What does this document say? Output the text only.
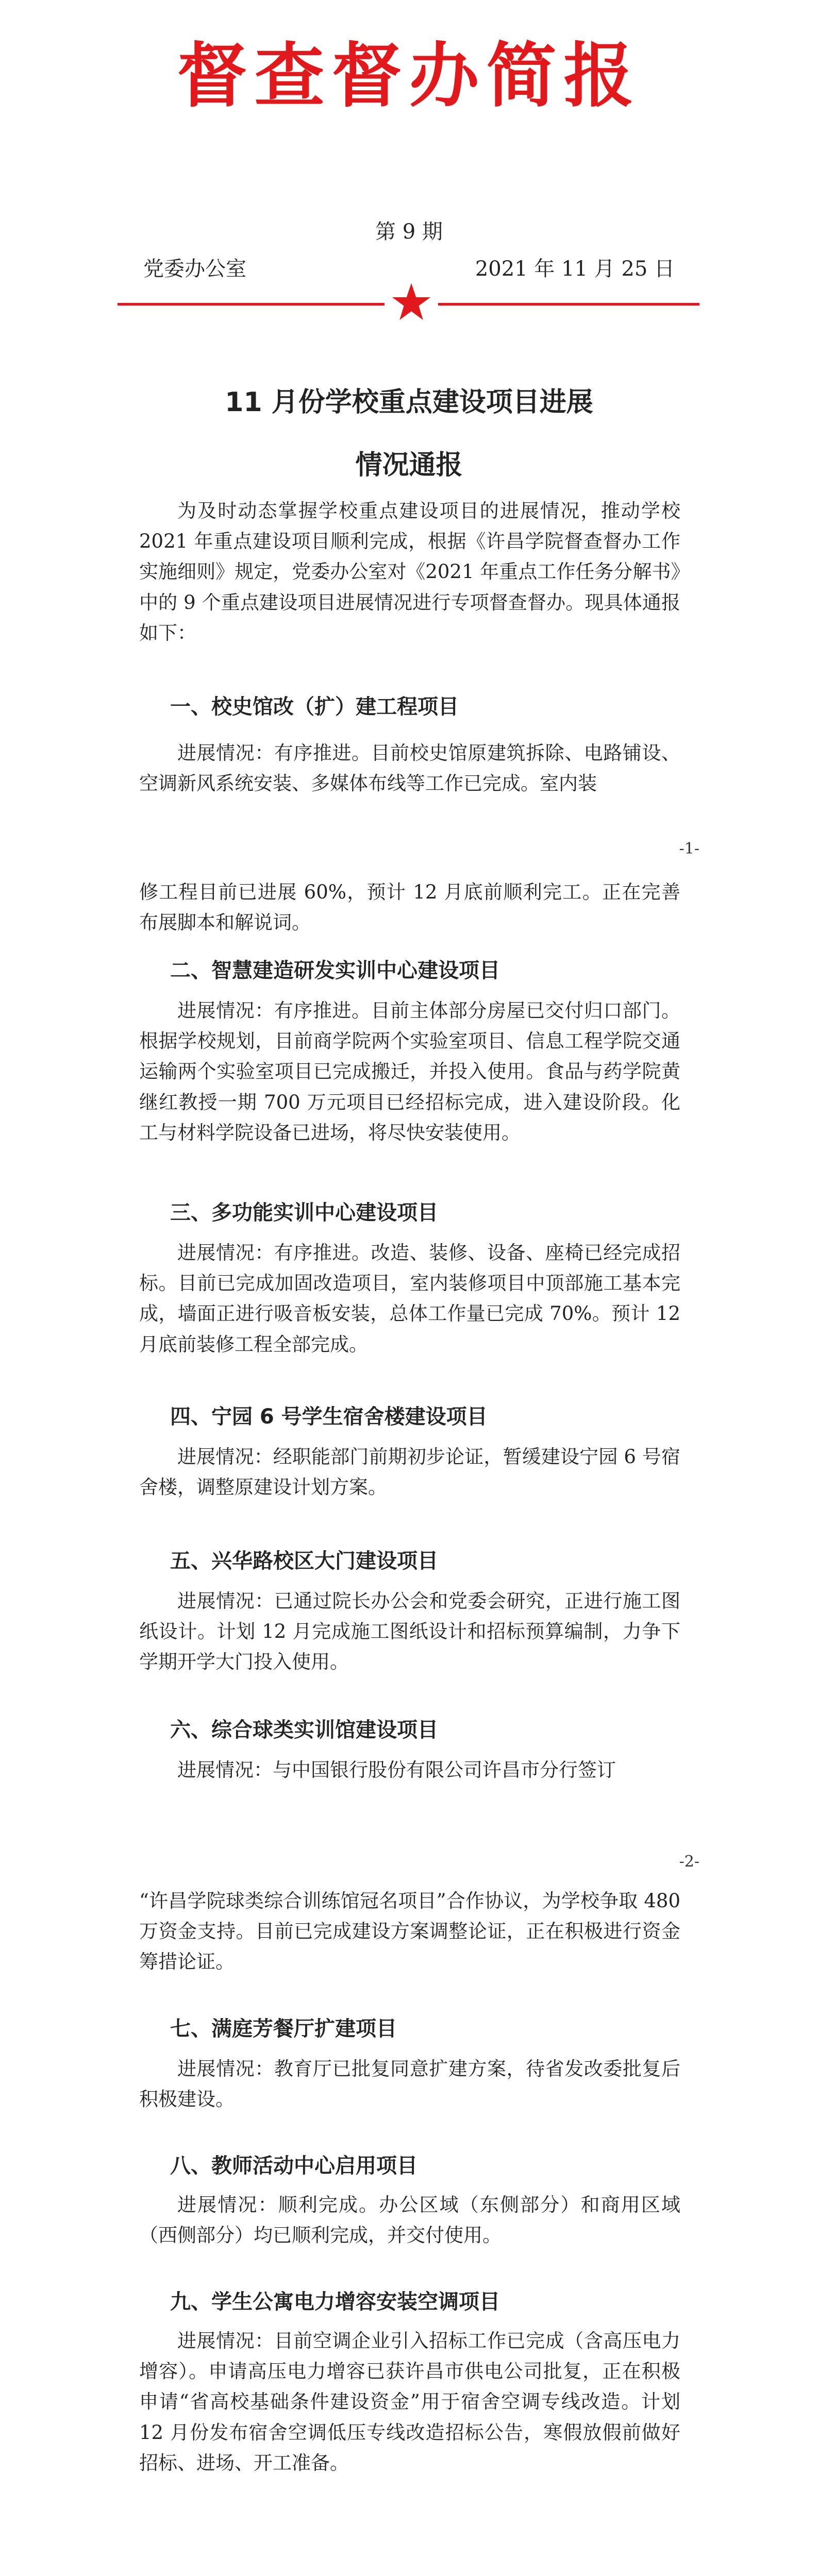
督查督办简报
第 9 期
党委办公室	2021 年 11 月 25 日
11 月份学校重点建设项目进展
情况通报

为及时动态掌握学校重点建设项目的进展情况，推动学校 2021 年重点建设项目顺利完成，根据《许昌学院督查督办工作实施细则》规定，党委办公室对《2021 年重点工作任务分解书》中的 9 个重点建设项目进展情况进行专项督查督办。现具体通报如下：

一、校史馆改（扩）建工程项目

进展情况：有序推进。目前校史馆原建筑拆除、电路铺设、空调新风系统安装、多媒体布线等工作已完成。室内装

-1-

修工程目前已进展 60%，预计 12 月底前顺利完工。正在完善布展脚本和解说词。

二、智慧建造研发实训中心建设项目

进展情况：有序推进。目前主体部分房屋已交付归口部门。根据学校规划，目前商学院两个实验室项目、信息工程学院交通运输两个实验室项目已完成搬迁，并投入使用。食品与药学院黄继红教授一期 700 万元项目已经招标完成，进入建设阶段。化工与材料学院设备已进场，将尽快安装使用。

三、多功能实训中心建设项目

进展情况：有序推进。改造、装修、设备、座椅已经完成招标。目前已完成加固改造项目，室内装修项目中顶部施工基本完成，墙面正进行吸音板安装，总体工作量已完成 70%。预计 12 月底前装修工程全部完成。

四、宁园 6 号学生宿舍楼建设项目

进展情况：经职能部门前期初步论证，暂缓建设宁园 6 号宿舍楼，调整原建设计划方案。

五、兴华路校区大门建设项目

进展情况：已通过院长办公会和党委会研究，正进行施工图纸设计。计划 12 月完成施工图纸设计和招标预算编制，力争下学期开学大门投入使用。

六、综合球类实训馆建设项目

进展情况：与中国银行股份有限公司许昌市分行签订

-2-

“许昌学院球类综合训练馆冠名项目”合作协议，为学校争取 480 万资金支持。目前已完成建设方案调整论证，正在积极进行资金筹措论证。

七、满庭芳餐厅扩建项目

进展情况：教育厅已批复同意扩建方案，待省发改委批复后积极建设。

八、教师活动中心启用项目

进展情况：顺利完成。办公区域（东侧部分）和商用区域（西侧部分）均已顺利完成，并交付使用。

九、学生公寓电力增容安装空调项目

进展情况：目前空调企业引入招标工作已完成（含高压电力增容）。申请高压电力增容已获许昌市供电公司批复，正在积极申请“省高校基础条件建设资金”用于宿舍空调专线改造。计划 12 月份发布宿舍空调低压专线改造招标公告，寒假放假前做好招标、进场、开工准备。
